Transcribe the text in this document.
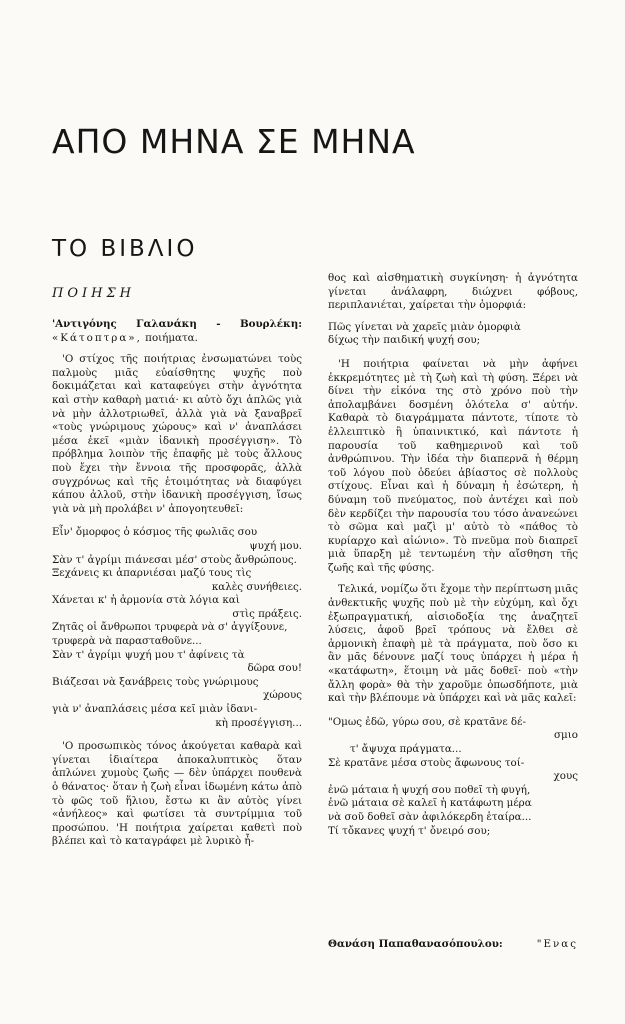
ΑΠΟ ΜΗΝΑ ΣΕ ΜΗΝΑ
ΤΟ ΒΙΒΛΙΟ
ΠΟΙΗΣΗ

'Αντιγόνης Γαλανάκη - Βουρλέκη: «Κάτοπτρα», ποιήματα.

'Ο στίχος τῆς ποιήτριας ἐνσωματώνει τοὺς παλμοὺς μιᾶς εὐαίσθητης ψυχῆς ποὺ δοκιμάζεται καὶ καταφεύγει στὴν ἀγνότητα καὶ στὴν καθαρὴ ματιά· κι αὐτὸ ὄχι ἁπλῶς γιὰ νὰ μὴν ἀλλοτριωθεῖ, ἀλλὰ γιὰ νὰ ξαναβρεῖ «τοὺς γνώριμους χώρους» καὶ ν' ἀναπλάσει μέσα ἐκεῖ «μιὰν ἰδανικὴ προσέγγιση». Τὸ πρόβλημα λοιπὸν τῆς ἐπαφῆς μὲ τοὺς ἄλλους ποὺ ἔχει τὴν ἔννοια τῆς προσφορᾶς, ἀλλὰ συγχρόνως καὶ τῆς ἑτοιμότητας νὰ διαφύγει κάπου ἀλλοῦ, στὴν ἰδανικὴ προσέγγιση, ἴσως γιὰ νὰ μὴ προλάβει ν' ἀπογοητευθεῖ:

Εἶν' ὄμορφος ὁ κόσμος τῆς φωλιᾶς σου
ψυχή μου.
Σὰν τ' ἀγρίμι πιάνεσαι μέσ' στοὺς ἄνθρώπους.
Ξεχάνεις κι ἀπαρνιέσαι μαζύ τους τὶς
καλὲς συνήθειες.
Χάνεται κ' ἡ ἁρμονία στὰ λόγια καὶ
στὶς πράξεις.
Ζητᾶς οἱ ἄνθρωποι τρυφερὰ νὰ σ' ἀγγίξουνε,
τρυφερὰ νὰ παρασταθοῦνε...
Σὰν τ' ἀγρίμι ψυχή μου τ' ἀφίνεις τὰ
δῶρα σου!
Βιάζεσαι νὰ ξανάβρεις τοὺς γνώριμους
χώρους
γιὰ ν' ἀναπλάσεις μέσα κεῖ μιὰν ἰδανι-
κὴ προσέγγιση...

'Ο προσωπικὸς τόνος ἀκούγεται καθαρὰ καὶ γίνεται ἰδιαίτερα ἀποκαλυπτικὸς ὅταν ἁπλώνει χυμοὺς ζωῆς — δὲν ὑπάρχει πουθενὰ ὁ θάνατος· ὅταν ἡ ζωὴ εἶναι ἰδωμένη κάτω ἀπὸ τὸ φῶς τοῦ ἥλιου, ἔστω κι ἂν αὐτὸς γίνει «ἀνήλεος» καὶ φωτίσει τὰ συντρίμμια τοῦ προσώπου. 'Η ποιήτρια χαίρεται καθετὶ ποὺ βλέπει καὶ τὸ καταγράφει μὲ λυρικὸ ἦ-

θος καὶ αἰσθηματικὴ συγκίνηση· ἡ ἀγνότητα γίνεται ἀνάλαφρη, διώχνει φόβους, περιπλανιέται, χαίρεται τὴν ὀμορφιά:

Πῶς γίνεται νὰ χαρεῖς μιὰν ὀμορφιὰ
δίχως τὴν παιδική ψυχή σου;

'Η ποιήτρια φαίνεται νὰ μὴν ἀφήνει ἐκκρεμότητες μὲ τὴ ζωὴ καὶ τὴ φύση. Ξέρει νὰ δίνει τὴν εἰκόνα της στὸ χρόνο ποὺ τὴν ἀπολαμβάνει δοσμένη ὁλότελα σ' αὐτήν. Καθαρὰ τὸ διαγράμματα πάντοτε, τίποτε τὸ ἐλλειπτικὸ ἢ ὑπαινικτικό, καὶ πάντοτε ἡ παρουσία τοῦ καθημερινοῦ καὶ τοῦ ἀνθρώπινου. Τὴν ἰδέα τὴν διαπερνᾶ ἡ θέρμη τοῦ λόγου ποὺ ὁδεύει ἀβίαστος σὲ πολλοὺς στίχους. Εἶναι καὶ ἡ δύναμη ἡ ἐσώτερη, ἡ δύναμη τοῦ πνεύματος, ποὺ ἀντέχει καὶ ποὺ δὲν κερδίζει τὴν παρουσία του τόσο ἀνανεώνει τὸ σῶμα καὶ μαζὶ μ' αὐτὸ τὸ «πάθος τὸ κυρίαρχο καὶ αἰώνιο». Τὸ πνεῦμα ποὺ διαπρεῖ μιὰ ὕπαρξη μὲ τεντωμένη τὴν αἴσθηση τῆς ζωῆς καὶ τῆς φύσης.

Τελικά, νομίζω ὅτι ἔχομε τὴν περίπτωση μιᾶς ἀνθεκτικῆς ψυχῆς ποὺ μὲ τὴν εὐχύμη, καὶ ὄχι ἐξωπραγματική, αἰσιοδοξία της ἀναζητεῖ λύσεις, ἀφοῦ βρεῖ τρόπους νὰ ἔλθει σὲ ἁρμονικὴ ἐπαφὴ μὲ τὰ πράγματα, ποὺ ὅσο κι ἂν μᾶς δένουνε μαζί τους ὑπάρχει ἡ μέρα ἡ «κατάφωτη», ἕτοιμη νὰ μᾶς δοθεῖ· ποὺ «τὴν ἄλλη φορὰ» θὰ τὴν χαροῦμε ὁπωσδήποτε, μιὰ καὶ τὴν βλέπουμε νὰ ὑπάρχει καὶ νὰ μᾶς καλεῖ:

"Ομως ἐδῶ, γύρω σου, σὲ κρατᾶνε δέ-
σμιο
τ' ἄψυχα πράγματα...
Σὲ κρατᾶνε μέσα στοὺς ἄφωνους τοί-
χους
ἐνῶ μάταια ἡ ψυχή σου ποθεῖ τὴ φυγή,
ἐνῶ μάταια σὲ καλεῖ ἡ κατάφωτη μέρα
νὰ σοῦ δοθεῖ σὰν ἀφιλόκερδη ἑταίρα...
Τί τὄκανες ψυχή τ' ὄνειρό σου;
Θανάση Παπαθανασόπουλου:	"Ενας
